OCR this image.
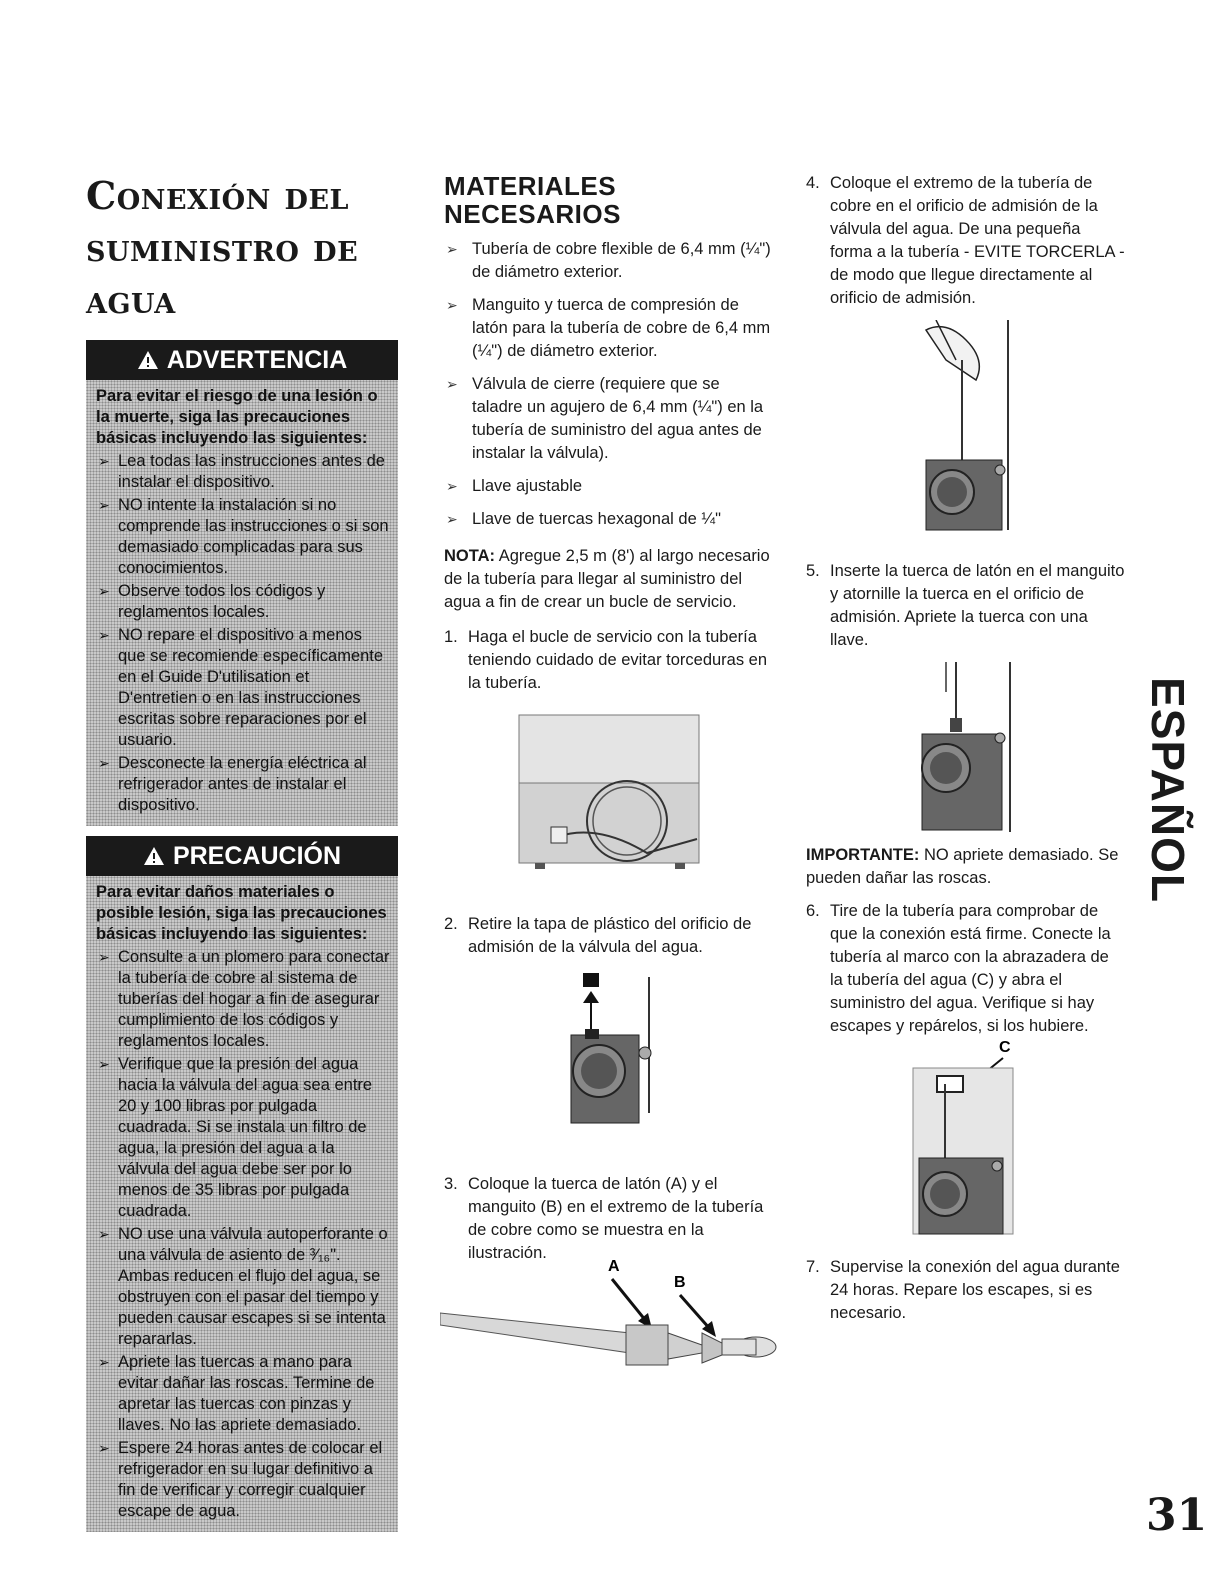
Conexión del suministro de agua
ADVERTENCIA
Para evitar el riesgo de una lesión o la muerte, siga las precauciones básicas incluyendo las siguientes:
➢ Lea todas las instrucciones antes de instalar el dispositivo.
➢ NO intente la instalación si no comprende las instrucciones o si son demasiado complicadas para sus conocimientos.
➢ Observe todos los códigos y reglamentos locales.
➢ NO repare el dispositivo a menos que se recomiende específicamente en el Guide D'utilisation et D'entretien o en las instrucciones escritas sobre reparaciones por el usuario.
➢ Desconecte la energía eléctrica al refrigerador antes de instalar el dispositivo.
PRECAUCIÓN
Para evitar daños materiales o posible lesión, siga las precauciones básicas incluyendo las siguientes:
➢ Consulte a un plomero para conectar la tubería de cobre al sistema de tuberías del hogar a fin de asegurar cumplimiento de los códigos y reglamentos locales.
➢ Verifique que la presión del agua hacia la válvula del agua sea entre 20 y 100 libras por pulgada cuadrada. Si se instala un filtro de agua, la presión del agua a la válvula del agua debe ser por lo menos de 35 libras por pulgada cuadrada.
➢ NO use una válvula autoperforante o una válvula de asiento de ³⁄₁₆". Ambas reducen el flujo del agua, se obstruyen con el pasar del tiempo y pueden causar escapes si se intenta repararlas.
➢ Apriete las tuercas a mano para evitar dañar las roscas. Termine de apretar las tuercas con pinzas y llaves. No las apriete demasiado.
➢ Espere 24 horas antes de colocar el refrigerador en su lugar definitivo a fin de verificar y corregir cualquier escape de agua.
MATERIALES NECESARIOS
➢ Tubería de cobre flexible de 6,4 mm (¼") de diámetro exterior.
➢ Manguito y tuerca de compresión de latón para la tubería de cobre de 6,4 mm (¼") de diámetro exterior.
➢ Válvula de cierre (requiere que se taladre un agujero de 6,4 mm (¼") en la tubería de suministro del agua antes de instalar la válvula).
➢ Llave ajustable
➢ Llave de tuercas hexagonal de ¼"
NOTA: Agregue 2,5 m (8') al largo necesario de la tubería para llegar al suministro del agua a fin de crear un bucle de servicio.
1. Haga el bucle de servicio con la tubería teniendo cuidado de evitar torceduras en la tubería.
2. Retire la tapa de plástico del orificio de admisión de la válvula del agua.
3. Coloque la tuerca de latón (A) y el manguito (B) en el extremo de la tubería de cobre como se muestra en la ilustración.
A
B
4. Coloque el extremo de la tubería de cobre en el orificio de admisión de la válvula del agua. De una pequeña forma a la tubería - EVITE TORCERLA - de modo que llegue directamente al orificio de admisión.
5. Inserte la tuerca de latón en el manguito y atornille la tuerca en el orificio de admisión. Apriete la tuerca con una llave.
IMPORTANTE: NO apriete demasiado. Se pueden dañar las roscas.
6. Tire de la tubería para comprobar de que la conexión está firme. Conecte la tubería al marco con la abrazadera de la tubería del agua (C) y abra el suministro del agua. Verifique si hay escapes y repárelos, si los hubiere.
C
7. Supervise la conexión del agua durante 24 horas. Repare los escapes, si es necesario.
ESPAÑOL
31
